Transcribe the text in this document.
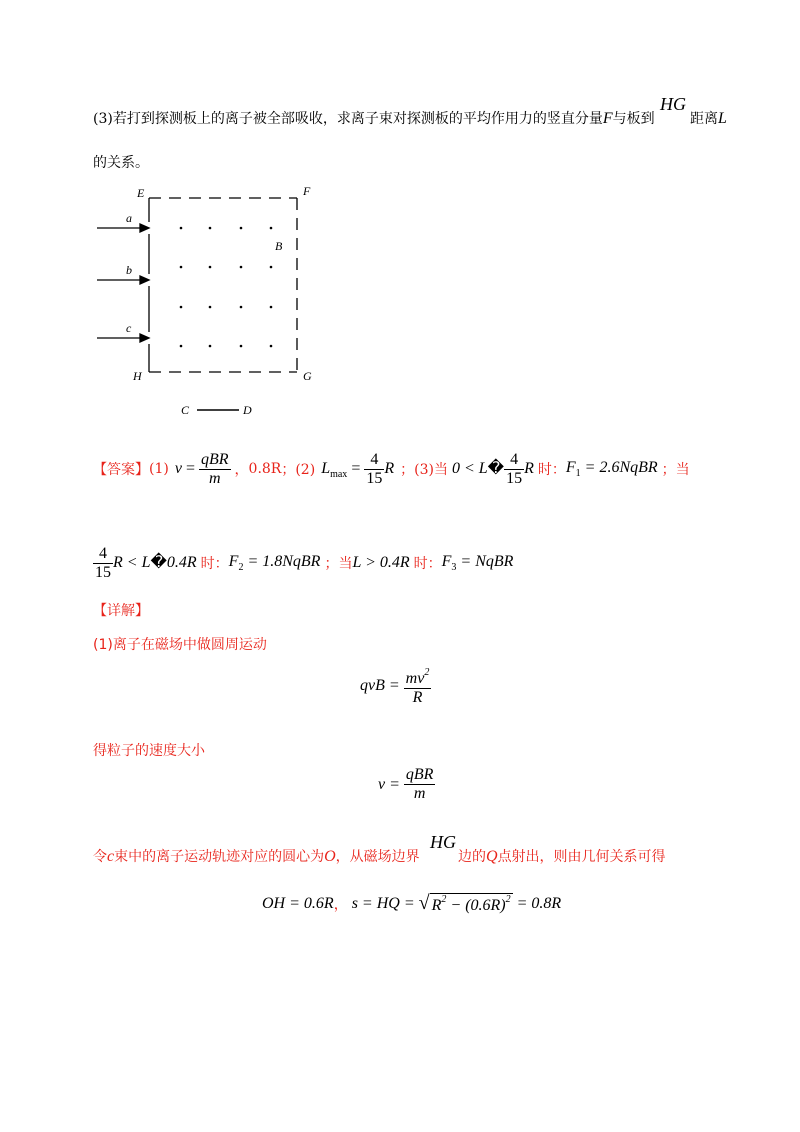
(3)若打到探测板上的离子被全部吸收，求离子束对探测板的平均作用力的竖直分量F与板到
HG
距离L
的关系。
E	F
G
H
B
a
b
c
C	D
【答案】 (1) $v = \frac{\text{qBR}}{m}$ ， 0.8R ；(2) $L_{max} = \frac{4}{15}$ R ；(3)当 0 < L� $\frac{4}{15}$ R 时： $F_1$ = 2.6NqBR ；当
$\frac{4}{15}$ R < L�0.4R 时： $F_2$ = 1.8NqBR ；当 L > 0.4R 时： $F_3$ = NqBR
【详解】
(1)离子在磁场中做圆周运动
qvB = $\frac{mv^2}{R}$
得粒子的速度大小
$v = \frac{\text{qBR}}{m}$
令c束中的离子运动轨迹对应的圆心为O，从磁场边界
HG
边的Q点射出，则由几何关系可得
OH = 0.6R ， s = HQ = √ $R^2 - (0.6R)^2 = 0.8R$
